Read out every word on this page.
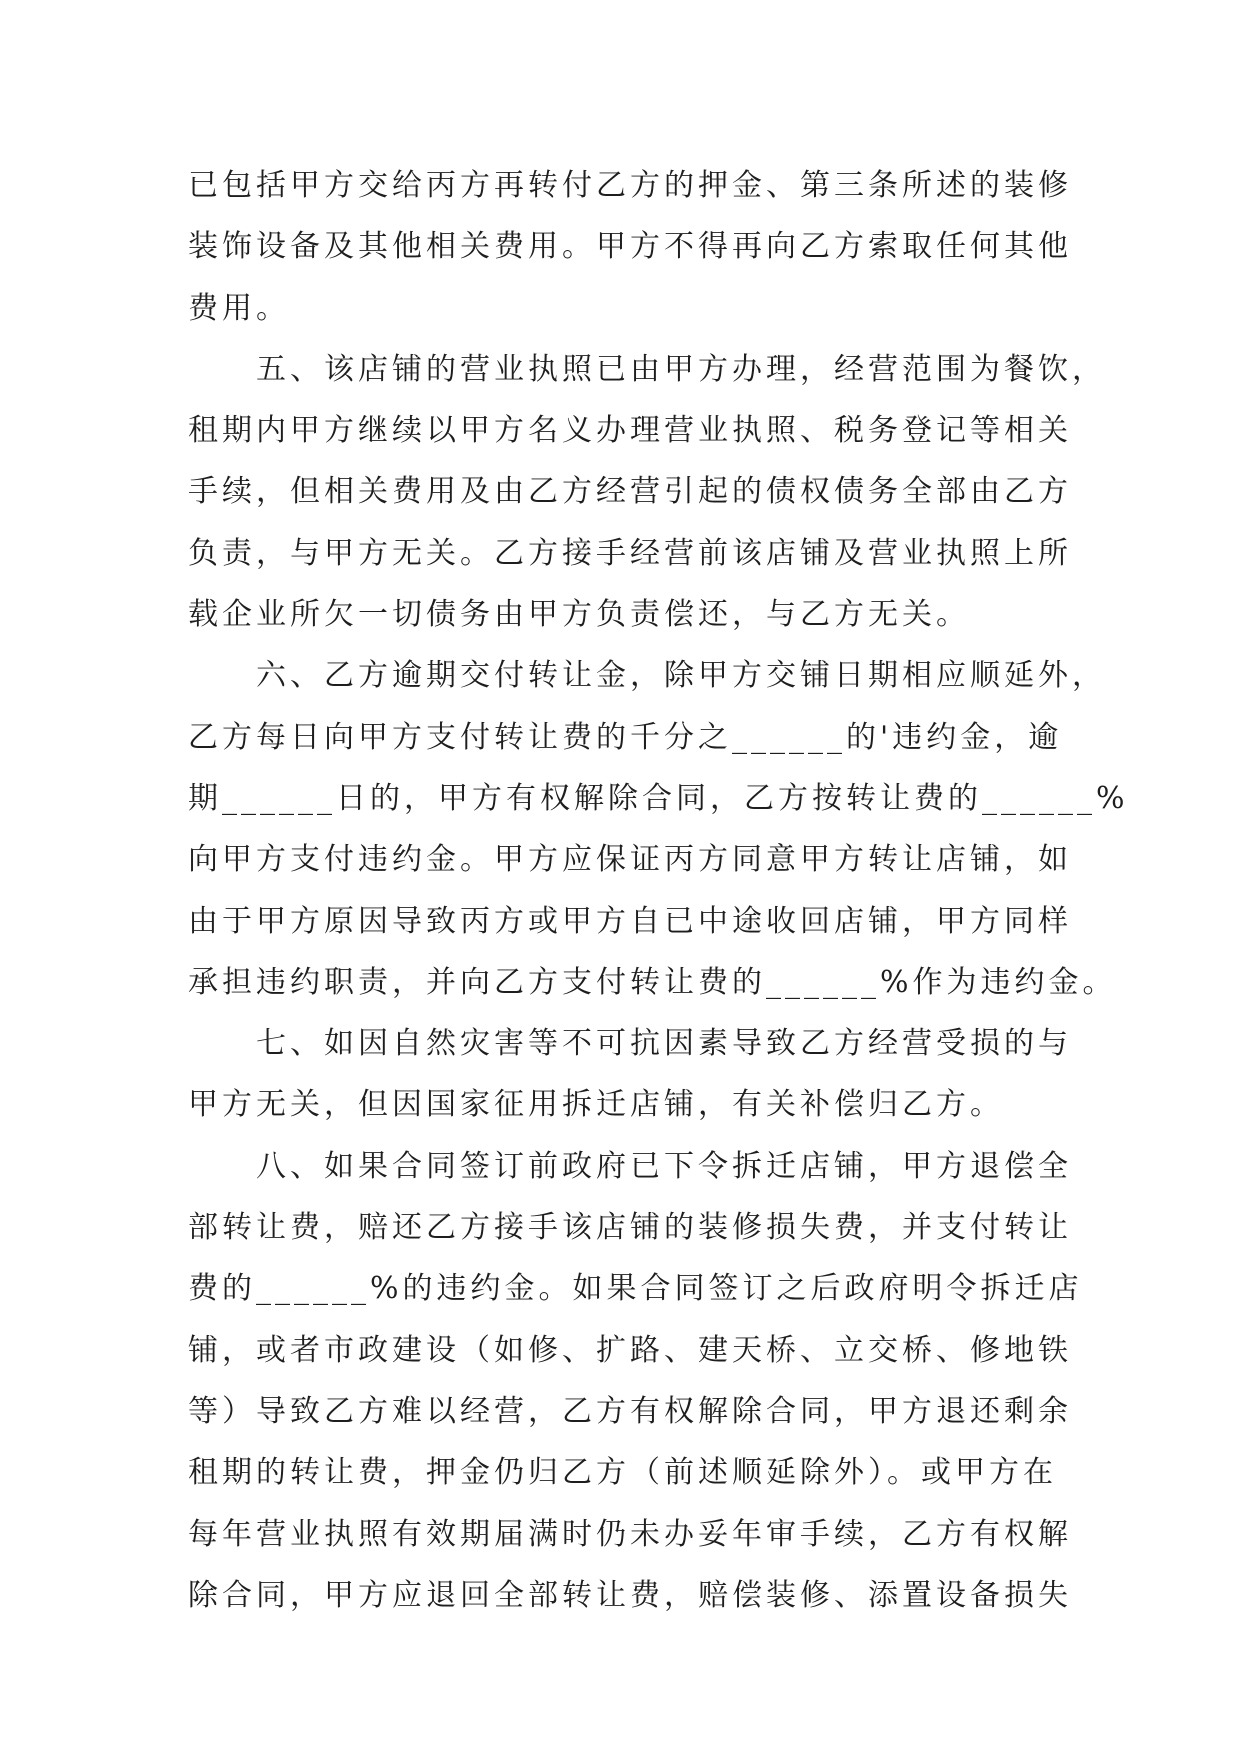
已包括甲方交给丙方再转付乙方的押金、第三条所述的装修
装饰设备及其他相关费用。甲方不得再向乙方索取任何其他
费用。
　　五、该店铺的营业执照已由甲方办理，经营范围为餐饮，
租期内甲方继续以甲方名义办理营业执照、税务登记等相关
手续，但相关费用及由乙方经营引起的债权债务全部由乙方
负责，与甲方无关。乙方接手经营前该店铺及营业执照上所
载企业所欠一切债务由甲方负责偿还，与乙方无关。
　　六、乙方逾期交付转让金，除甲方交铺日期相应顺延外，
乙方每日向甲方支付转让费的千分之______的'违约金，逾
期______日的，甲方有权解除合同，乙方按转让费的______%
向甲方支付违约金。甲方应保证丙方同意甲方转让店铺，如
由于甲方原因导致丙方或甲方自已中途收回店铺，甲方同样
承担违约职责，并向乙方支付转让费的______%作为违约金。
　　七、如因自然灾害等不可抗因素导致乙方经营受损的与
甲方无关，但因国家征用拆迁店铺，有关补偿归乙方。
　　八、如果合同签订前政府已下令拆迁店铺，甲方退偿全
部转让费，赔还乙方接手该店铺的装修损失费，并支付转让
费的______%的违约金。如果合同签订之后政府明令拆迁店
铺，或者市政建设（如修、扩路、建天桥、立交桥、修地铁
等）导致乙方难以经营，乙方有权解除合同，甲方退还剩余
租期的转让费，押金仍归乙方（前述顺延除外）。或甲方在
每年营业执照有效期届满时仍未办妥年审手续，乙方有权解
除合同，甲方应退回全部转让费，赔偿装修、添置设备损失
